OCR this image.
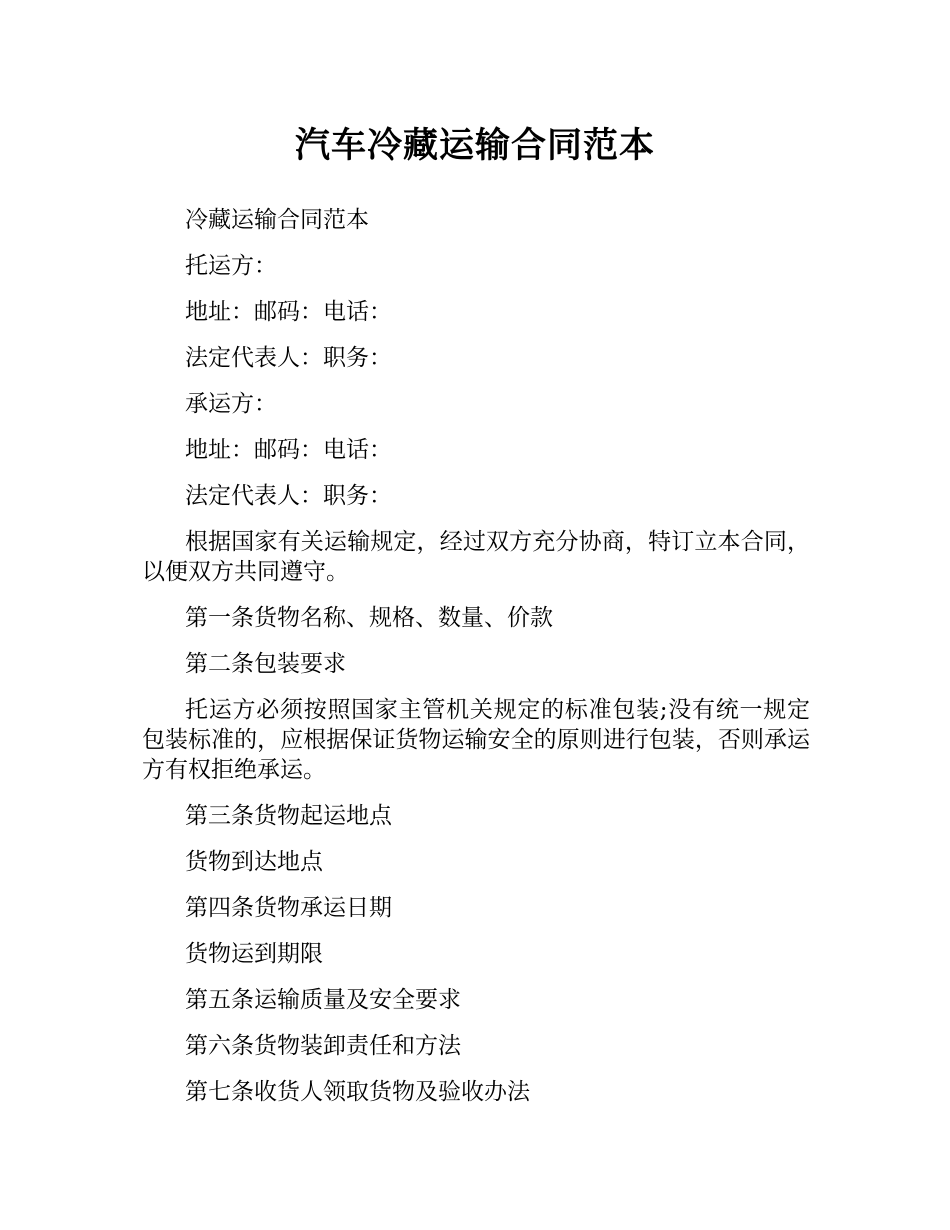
汽车冷藏运输合同范本

冷藏运输合同范本

托运方：

地址：邮码：电话：

法定代表人：职务：

承运方：

地址：邮码：电话：

法定代表人：职务：

根据国家有关运输规定，经过双方充分协商，特订立本合同，以便双方共同遵守。

第一条货物名称、规格、数量、价款

第二条包装要求

托运方必须按照国家主管机关规定的标准包装;没有统一规定包装标准的，应根据保证货物运输安全的原则进行包装，否则承运方有权拒绝承运。

第三条货物起运地点

货物到达地点

第四条货物承运日期

货物运到期限

第五条运输质量及安全要求

第六条货物装卸责任和方法

第七条收货人领取货物及验收办法
